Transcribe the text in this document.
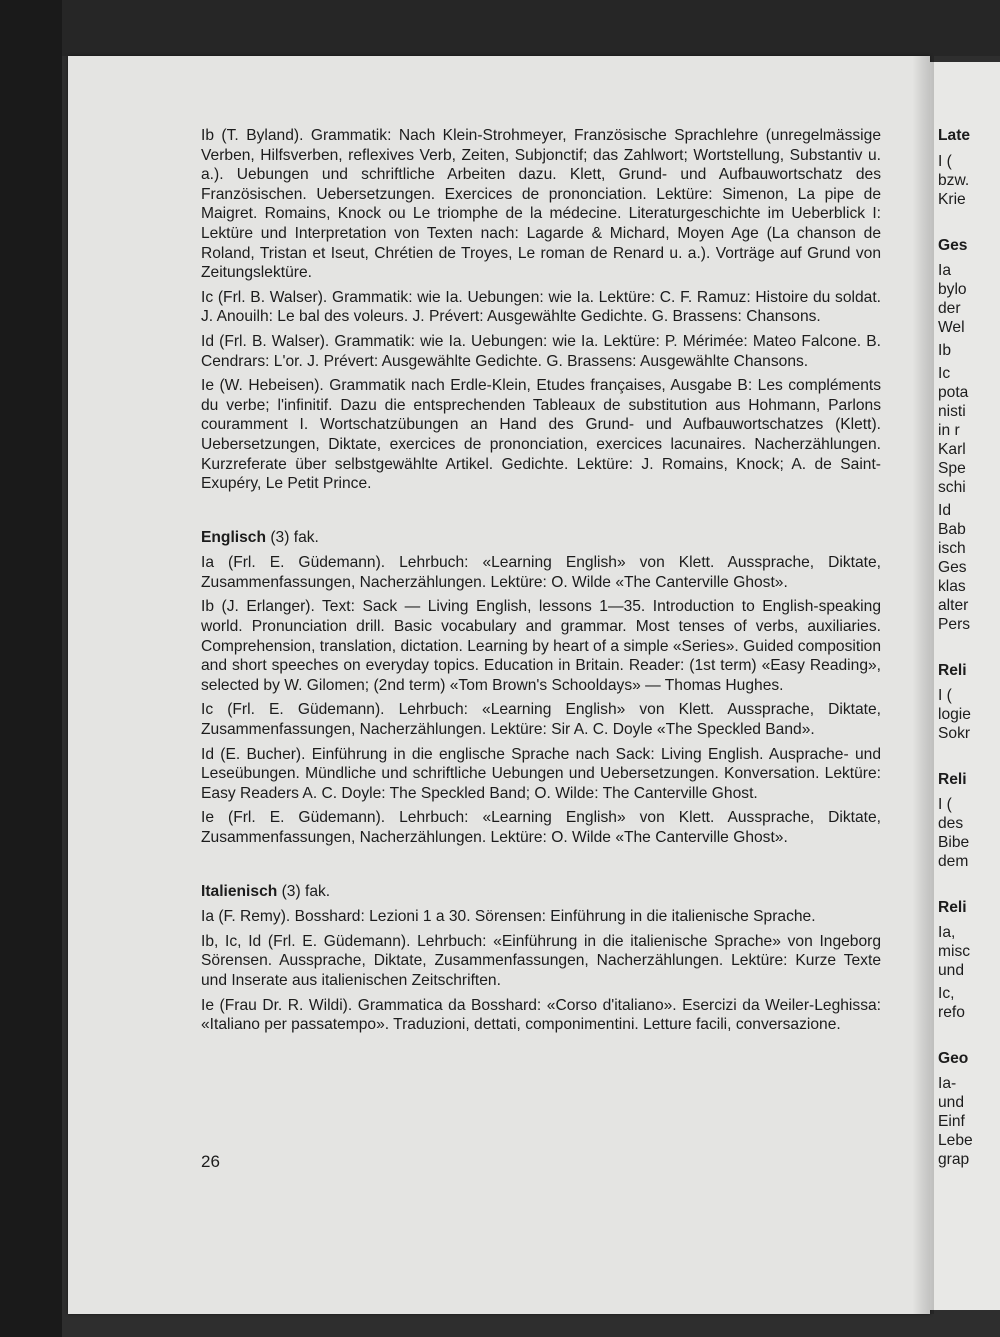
Late
I (
bzw.
Krie
Ges
Ia
bylo
der
Wel
Ib
Ic
pota
nisti
in r
Karl
Spe
schi
Id
Bab
isch
Ges
klas
alter
Pers
Reli
I (
logie
Sokr
Reli
I (
des
Bibe
dem
Reli
Ia,
misc
und
Ic,
refo
Geo
Ia-
und
Einf
Lebe
grap

Ib (T. Byland). Grammatik: Nach Klein-Strohmeyer, Französische Sprachlehre (unregelmässige Verben, Hilfsverben, reflexives Verb, Zeiten, Subjonctif; das Zahlwort; Wortstellung, Substantiv u. a.). Uebungen und schriftliche Arbeiten dazu. Klett, Grund- und Aufbauwortschatz des Französischen. Uebersetzungen. Exercices de prononciation. Lektüre: Simenon, La pipe de Maigret. Romains, Knock ou Le triomphe de la médecine. Literaturgeschichte im Ueberblick I: Lektüre und Interpretation von Texten nach: Lagarde & Michard, Moyen Age (La chanson de Roland, Tristan et Iseut, Chrétien de Troyes, Le roman de Renard u. a.). Vorträge auf Grund von Zeitungslektüre.

Ic (Frl. B. Walser). Grammatik: wie Ia. Uebungen: wie Ia. Lektüre: C. F. Ramuz: Histoire du soldat. J. Anouilh: Le bal des voleurs. J. Prévert: Ausgewählte Gedichte. G. Brassens: Chansons.

Id (Frl. B. Walser). Grammatik: wie Ia. Uebungen: wie Ia. Lektüre: P. Mérimée: Mateo Falcone. B. Cendrars: L'or. J. Prévert: Ausgewählte Gedichte. G. Brassens: Ausgewählte Chansons.

Ie (W. Hebeisen). Grammatik nach Erdle-Klein, Etudes françaises, Ausgabe B: Les compléments du verbe; l'infinitif. Dazu die entsprechenden Tableaux de substitution aus Hohmann, Parlons couramment I. Wortschatzübungen an Hand des Grund- und Aufbauwortschatzes (Klett). Uebersetzungen, Diktate, exercices de prononciation, exercices lacunaires. Nacherzählungen. Kurzreferate über selbstgewählte Artikel. Gedichte. Lektüre: J. Romains, Knock; A. de Saint-Exupéry, Le Petit Prince.

Englisch (3) fak.

Ia (Frl. E. Güdemann). Lehrbuch: «Learning English» von Klett. Aussprache, Diktate, Zusammenfassungen, Nacherzählungen. Lektüre: O. Wilde «The Canterville Ghost».

Ib (J. Erlanger). Text: Sack — Living English, lessons 1—35. Introduction to English-speaking world. Pronunciation drill. Basic vocabulary and grammar. Most tenses of verbs, auxiliaries. Comprehension, translation, dictation. Learning by heart of a simple «Series». Guided composition and short speeches on everyday topics. Education in Britain. Reader: (1st term) «Easy Reading», selected by W. Gilomen; (2nd term) «Tom Brown's Schooldays» — Thomas Hughes.

Ic (Frl. E. Güdemann). Lehrbuch: «Learning English» von Klett. Aussprache, Diktate, Zusammenfassungen, Nacherzählungen. Lektüre: Sir A. C. Doyle «The Speckled Band».

Id (E. Bucher). Einführung in die englische Sprache nach Sack: Living English. Ausprache- und Leseübungen. Mündliche und schriftliche Uebungen und Uebersetzungen. Konversation. Lektüre: Easy Readers A. C. Doyle: The Speckled Band; O. Wilde: The Canterville Ghost.

Ie (Frl. E. Güdemann). Lehrbuch: «Learning English» von Klett. Aussprache, Diktate, Zusammenfassungen, Nacherzählungen. Lektüre: O. Wilde «The Canterville Ghost».

Italienisch (3) fak.

Ia (F. Remy). Bosshard: Lezioni 1 a 30. Sörensen: Einführung in die italienische Sprache.

Ib, Ic, Id (Frl. E. Güdemann). Lehrbuch: «Einführung in die italienische Sprache» von Ingeborg Sörensen. Aussprache, Diktate, Zusammenfassungen, Nacherzählungen. Lektüre: Kurze Texte und Inserate aus italienischen Zeitschriften.

Ie (Frau Dr. R. Wildi). Grammatica da Bosshard: «Corso d'italiano». Esercizi da Weiler-Leghissa: «Italiano per passatempo». Traduzioni, dettati, componimentini. Letture facili, conversazione.

26
